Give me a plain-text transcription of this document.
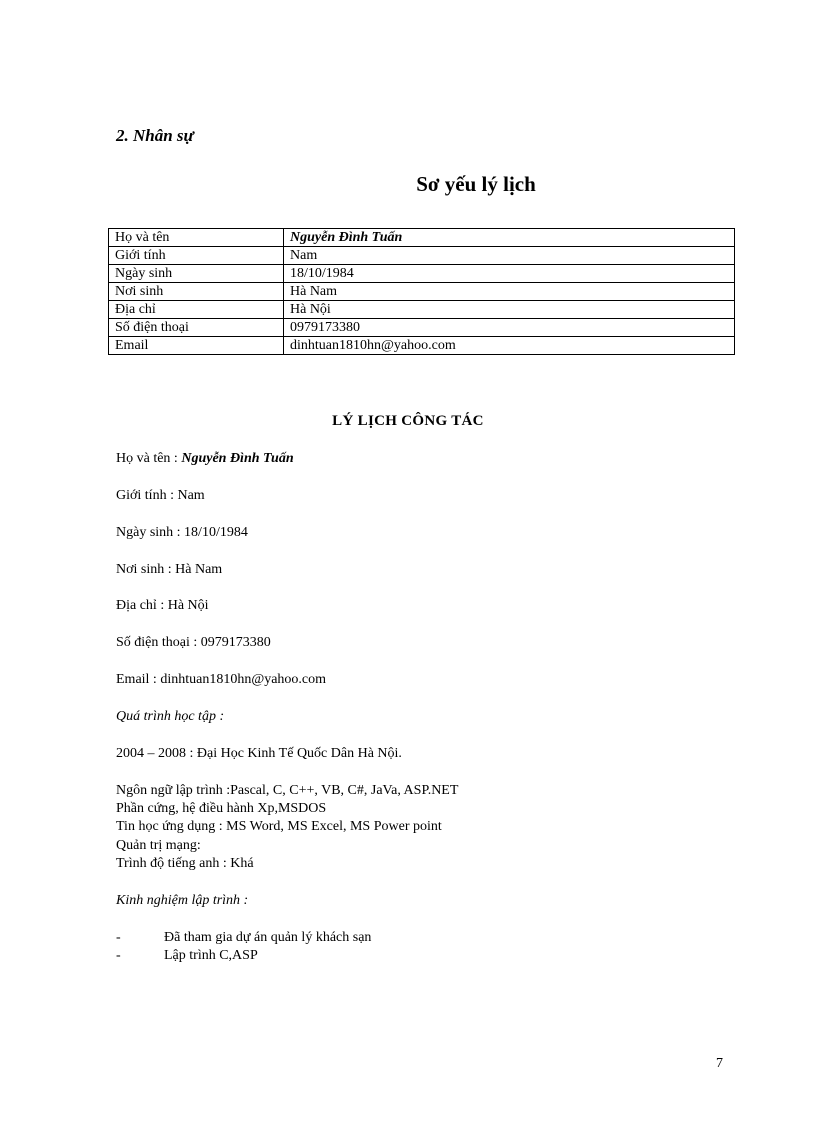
2. Nhân sự
Sơ yếu lý lịch
Họ và tên	Nguyễn Đình Tuấn
Giới tính	Nam
Ngày sinh	18/10/1984
Nơi sinh	Hà Nam
Địa chỉ	Hà Nội
Số điện thoại	0979173380
Email	dinhtuan1810hn@yahoo.com
LÝ LỊCH CÔNG TÁC
Họ và tên : Nguyễn Đình Tuấn
Giới tính : Nam
Ngày sinh : 18/10/1984
Nơi sinh : Hà Nam
Địa chỉ : Hà Nội
Số điện thoại : 0979173380
Email : dinhtuan1810hn@yahoo.com
Quá trình học tập :
2004 – 2008 : Đại Học Kinh Tế Quốc Dân Hà Nội.
Ngôn ngữ lập trình :Pascal, C, C++, VB, C#, JaVa, ASP.NET
Phần cứng, hệ điều hành Xp,MSDOS
Tin học ứng dụng : MS Word, MS Excel, MS Power point
Quản trị mạng:
Trình độ tiếng anh : Khá
Kinh nghiệm lập trình :
-	Đã tham gia dự án quản lý khách sạn
-	Lập trình C,ASP
7
